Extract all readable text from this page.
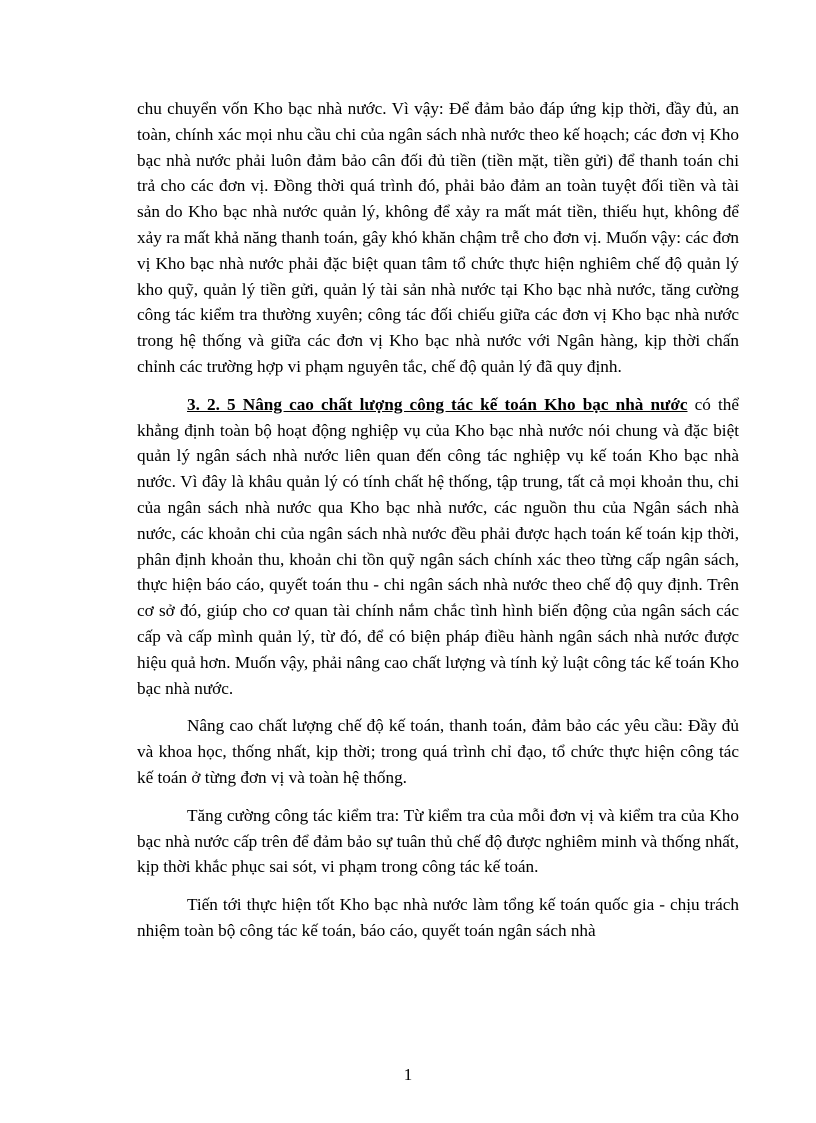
chu chuyển vốn Kho bạc nhà nước. Vì vậy: Để đảm bảo đáp ứng kịp thời, đầy đủ, an toàn, chính xác mọi nhu cầu chi của ngân sách nhà nước theo kế hoạch; các đơn vị Kho bạc nhà nước phải luôn đảm bảo cân đối đủ tiền (tiền mặt, tiền gửi) để thanh toán chi trả cho các đơn vị. Đồng thời quá trình đó, phải bảo đảm an toàn tuyệt đối tiền và tài sản do Kho bạc nhà nước quản lý, không để xảy ra mất mát tiền, thiếu hụt, không để xảy ra mất khả năng thanh toán, gây khó khăn chậm trễ cho đơn vị. Muốn vậy: các đơn vị Kho bạc nhà nước phải đặc biệt quan tâm tổ chức thực hiện nghiêm chế độ quản lý kho quỹ, quản lý tiền gửi, quản lý tài sản nhà nước tại Kho bạc nhà nước, tăng cường công tác kiểm tra thường xuyên; công tác đối chiếu giữa các đơn vị Kho bạc nhà nước trong hệ thống và giữa các đơn vị Kho bạc nhà nước với Ngân hàng, kịp thời chấn chỉnh các trường hợp vi phạm nguyên tắc, chế độ quản lý đã quy định.

3. 2. 5 Nâng cao chất lượng công tác kế toán Kho bạc nhà nước có thể khẳng định toàn bộ hoạt động nghiệp vụ của Kho bạc nhà nước nói chung và đặc biệt quản lý ngân sách nhà nước liên quan đến công tác nghiệp vụ kế toán Kho bạc nhà nước. Vì đây là khâu quản lý có tính chất hệ thống, tập trung, tất cả mọi khoản thu, chi của ngân sách nhà nước qua Kho bạc nhà nước, các nguồn thu của Ngân sách nhà nước, các khoản chi của ngân sách nhà nước đều phải được hạch toán kế toán kịp thời, phân định khoản thu, khoản chi tồn quỹ ngân sách chính xác theo từng cấp ngân sách, thực hiện báo cáo, quyết toán thu - chi ngân sách nhà nước theo chế độ quy định. Trên cơ sở đó, giúp cho cơ quan tài chính nắm chắc tình hình biến động của ngân sách các cấp và cấp mình quản lý, từ đó, để có biện pháp điều hành ngân sách nhà nước được hiệu quả hơn. Muốn vậy, phải nâng cao chất lượng và tính kỷ luật công tác kế toán Kho bạc nhà nước.

Nâng cao chất lượng chế độ kế toán, thanh toán, đảm bảo các yêu cầu: Đầy đủ và khoa học, thống nhất, kịp thời; trong quá trình chỉ đạo, tổ chức thực hiện công tác kế toán ở từng đơn vị và toàn hệ thống.

Tăng cường công tác kiểm tra: Từ kiểm tra của mỗi đơn vị và kiểm tra của Kho bạc nhà nước cấp trên để đảm bảo sự tuân thủ chế độ được nghiêm minh và thống nhất, kịp thời khắc phục sai sót, vi phạm trong công tác kế toán.

Tiến tới thực hiện tốt Kho bạc nhà nước làm tổng kế toán quốc gia - chịu trách nhiệm toàn bộ công tác kế toán, báo cáo, quyết toán ngân sách nhà

1
